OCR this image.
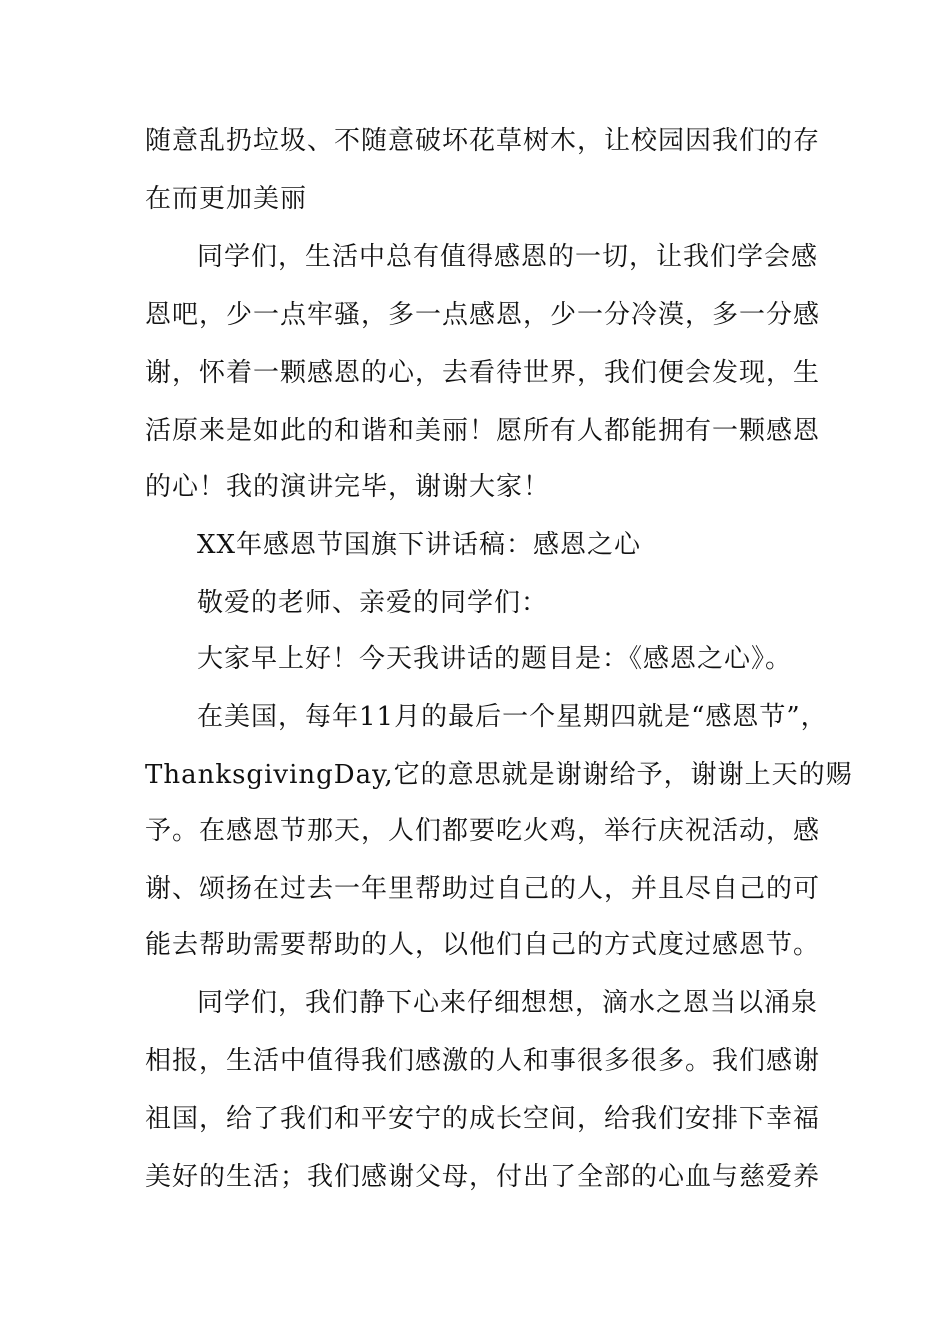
随意乱扔垃圾、不随意破坏花草树木，让校园因我们的存
在而更加美丽
同学们，生活中总有值得感恩的一切，让我们学会感
恩吧，少一点牢骚，多一点感恩，少一分冷漠，多一分感
谢，怀着一颗感恩的心，去看待世界，我们便会发现，生
活原来是如此的和谐和美丽！愿所有人都能拥有一颗感恩
的心！我的演讲完毕，谢谢大家！
XX年感恩节国旗下讲话稿：感恩之心
敬爱的老师、亲爱的同学们：
大家早上好！今天我讲话的题目是：《感恩之心》。
在美国，每年11月的最后一个星期四就是“感恩节”，
ThanksgivingDay,它的意思就是谢谢给予，谢谢上天的赐
予。在感恩节那天，人们都要吃火鸡，举行庆祝活动，感
谢、颂扬在过去一年里帮助过自己的人，并且尽自己的可
能去帮助需要帮助的人，以他们自己的方式度过感恩节。
同学们，我们静下心来仔细想想，滴水之恩当以涌泉
相报，生活中值得我们感激的人和事很多很多。我们感谢
祖国，给了我们和平安宁的成长空间，给我们安排下幸福
美好的生活；我们感谢父母，付出了全部的心血与慈爱养
